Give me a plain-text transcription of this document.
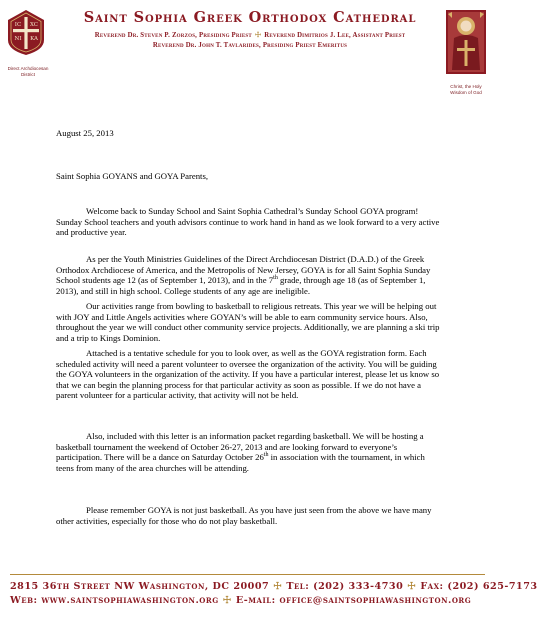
IC XC
NI KA
Direct Archdiocesan
District
Saint Sophia Greek Orthodox Cathedral
Reverend Dr. Steven P. Zorzos, Presiding Priest ☩ Reverend Dimitrios J. Lee, Assistant Priest
Reverend Dr. John T. Tavlarides, Presiding Priest Emeritus
Christ, the Holy
Wisdom of God
August 25, 2013
Saint Sophia GOYANS and GOYA Parents,

Welcome back to Sunday School and Saint Sophia Cathedral’s Sunday School GOYA program! Sunday School teachers and youth advisors continue to work hand in hand as we look forward to a very active and productive year.

As per the Youth Ministries Guidelines of the Direct Archdiocesan District (D.A.D.) of the Greek Orthodox Archdiocese of America, and the Metropolis of New Jersey, GOYA is for all Saint Sophia Sunday School students age 12 (as of September 1, 2013), and in the 7th grade, through age 18 (as of September 1, 2013), and still in high school. College students of any age are ineligible.

Our activities range from bowling to basketball to religious retreats. This year we will be helping out with JOY and Little Angels activities where GOYAN’s will be able to earn community service hours. Also, throughout the year we will conduct other community service projects. Additionally, we are planning a ski trip and a trip to Kings Dominion.

Attached is a tentative schedule for you to look over, as well as the GOYA registration form. Each scheduled activity will need a parent volunteer to oversee the organization of the activity. You will be guiding the GOYA volunteers in the organization of the activity. If you have a particular interest, please let us know so that we can begin the planning process for that particular activity as soon as possible. If we do not have a parent volunteer for a particular activity, that activity will not be held.

Also, included with this letter is an information packet regarding basketball. We will be hosting a basketball tournament the weekend of October 26-27, 2013 and are looking forward to everyone’s participation. There will be a dance on Saturday October 26th in association with the tournament, in which teens from many of the area churches will be attending.

Please remember GOYA is not just basketball. As you have just seen from the above we have many other activities, especially for those who do not play basketball.

2815 36th Street NW Washington, DC 20007 ☩ Tel: (202) 333-4730 ☩ Fax: (202) 625-7173
Web: www.saintsophiawashington.org ☩ E-mail: office@saintsophiawashington.org
